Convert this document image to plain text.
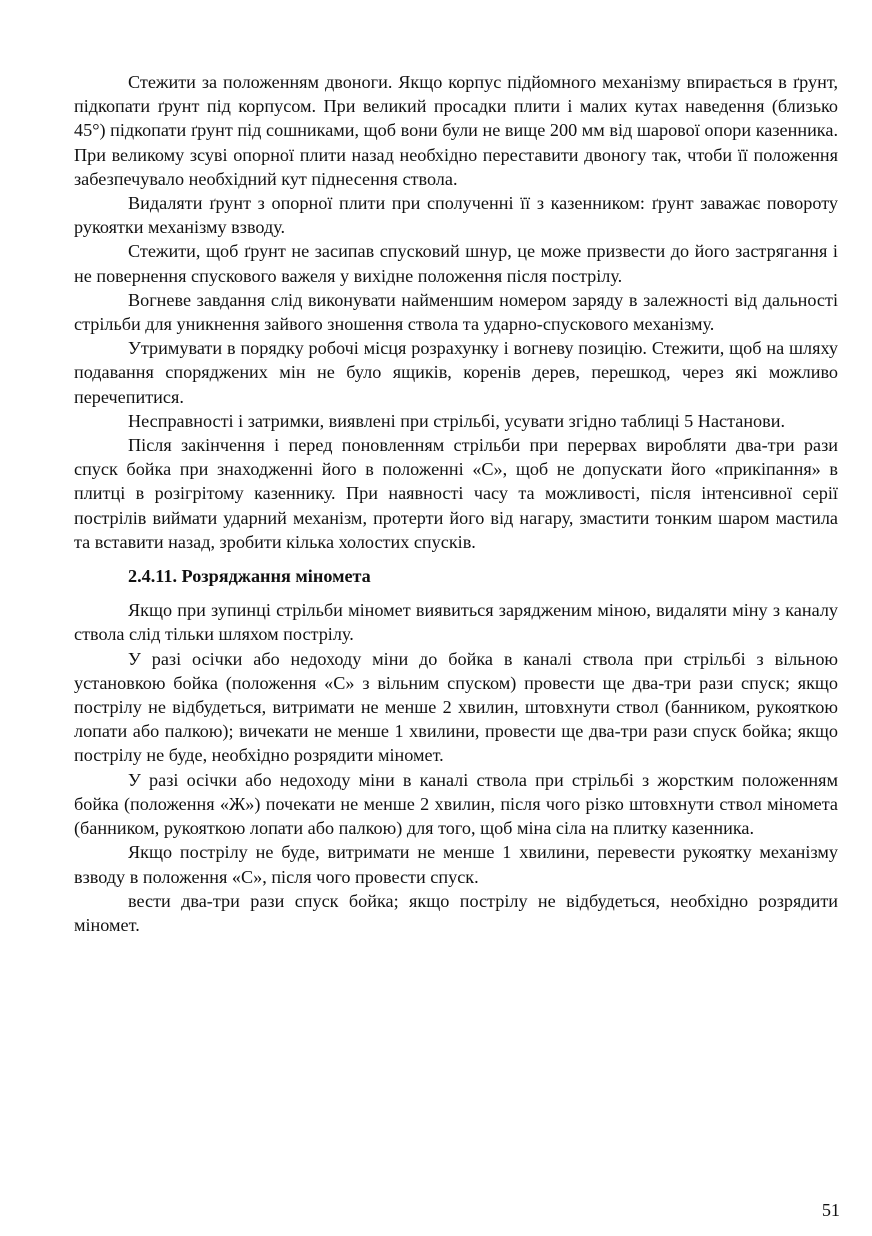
Стежити за положенням двоноги. Якщо корпус підйомного механізму впирається в ґрунт, підкопати ґрунт під корпусом. При великий просадки плити і малих кутах наведення (близько 45°) підкопати ґрунт під сошниками, щоб вони були не вище 200 мм від шарової опори казенника. При великому зсуві опорної плити назад необхідно переставити двоногу так, чтоби її положення забезпечувало необхідний кут піднесення ствола.

Видаляти ґрунт з опорної плити при сполученні її з казенником: ґрунт заважає повороту рукоятки механізму взводу.

Стежити, щоб ґрунт не засипав спусковий шнур, це може призвести до його застрягання і не повернення спускового важеля у вихідне положення після пострілу.

Вогневе завдання слід виконувати найменшим номером заряду в залежності від дальності стрільби для уникнення зайвого зношення ствола та ударно-спускового механізму.

Утримувати в порядку робочі місця розрахунку і вогневу позицію. Стежити, щоб на шляху подавання споряджених мін не було ящиків, коренів дерев, перешкод, через які можливо перечепитися.

Несправності і затримки, виявлені при стрільбі, усувати згідно таблиці 5 Настанови.

Після закінчення і перед поновленням стрільби при перервах виробляти два-три рази спуск бойка при знаходженні його в положенні «С», щоб не допускати його «прикіпання» в плитці в розігрітому казеннику. При наявності часу та можливості, після інтенсивної серії пострілів виймати ударний механізм, протерти його від нагару, змастити тонким шаром мастила та вставити назад, зробити кілька холостих спусків.

2.4.11. Розряджання міномета

Якщо при зупинці стрільби міномет виявиться зарядженим міною, видаляти міну з каналу ствола слід тільки шляхом пострілу.

У разі осічки або недоходу міни до бойка в каналі ствола при стрільбі з вільною установкою бойка (положення «С» з вільним спуском) провести ще два-три рази спуск; якщо пострілу не відбудеться, витримати не менше 2 хвилин, штовхнути ствол (банником, рукояткою лопати або палкою); вичекати не менше 1 хвилини, провести ще два-три рази спуск бойка; якщо пострілу не буде, необхідно розрядити міномет.

У разі осічки або недоходу міни в каналі ствола при стрільбі з жорстким положенням бойка (положення «Ж») почекати не менше 2 хвилин, після чого різко штовхнути ствол міномета (банником, рукояткою лопати або палкою) для того, щоб міна сіла на плитку казенника.

Якщо пострілу не буде, витримати не менше 1 хвилини, перевести рукоятку механізму взводу в положення «С», після чого провести спуск.

вести два-три рази спуск бойка; якщо пострілу не відбудеться, необхідно розрядити міномет.

51
